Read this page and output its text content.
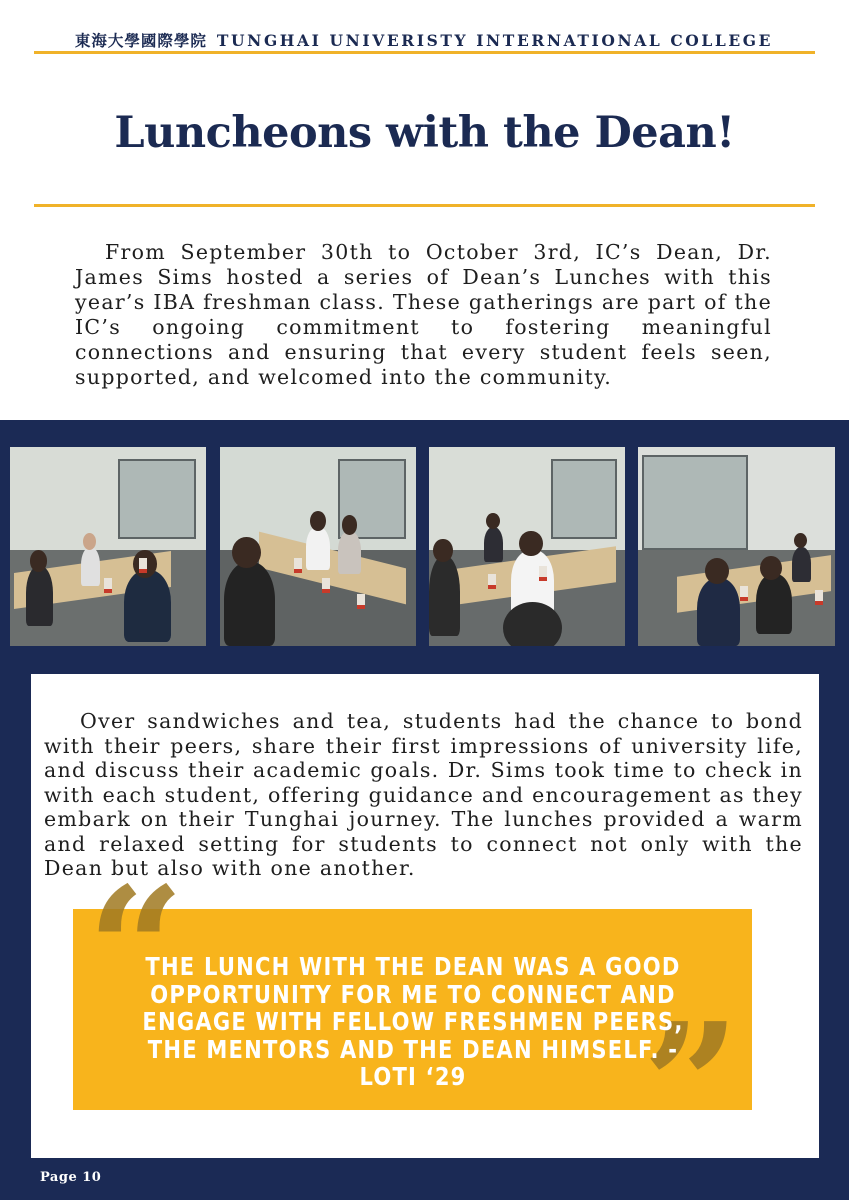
東海大學國際學院 TUNGHAI UNIVERISTY INTERNATIONAL COLLEGE
Luncheons with the Dean!

From September 30th to October 3rd, IC’s Dean, Dr. James Sims hosted a series of Dean’s Lunches with this year’s IBA freshman class. These gatherings are part of the IC’s ongoing commitment to fostering meaningful connections and ensuring that every student feels seen, supported, and welcomed into the community.

Over sandwiches and tea, students had the chance to bond with their peers, share their first impressions of university life, and discuss their academic goals. Dr. Sims took time to check in with each student, offering guidance and encouragement as they embark on their Tunghai journey. The lunches provided a warm and relaxed setting for students to connect not only with the Dean but also with one another.

“
”

THE LUNCH WITH THE DEAN WAS A GOOD OPPORTUNITY FOR ME TO CONNECT AND ENGAGE WITH FELLOW FRESHMEN PEERS, THE MENTORS AND THE DEAN HIMSELF. - LOTI ‘29

Page 10
